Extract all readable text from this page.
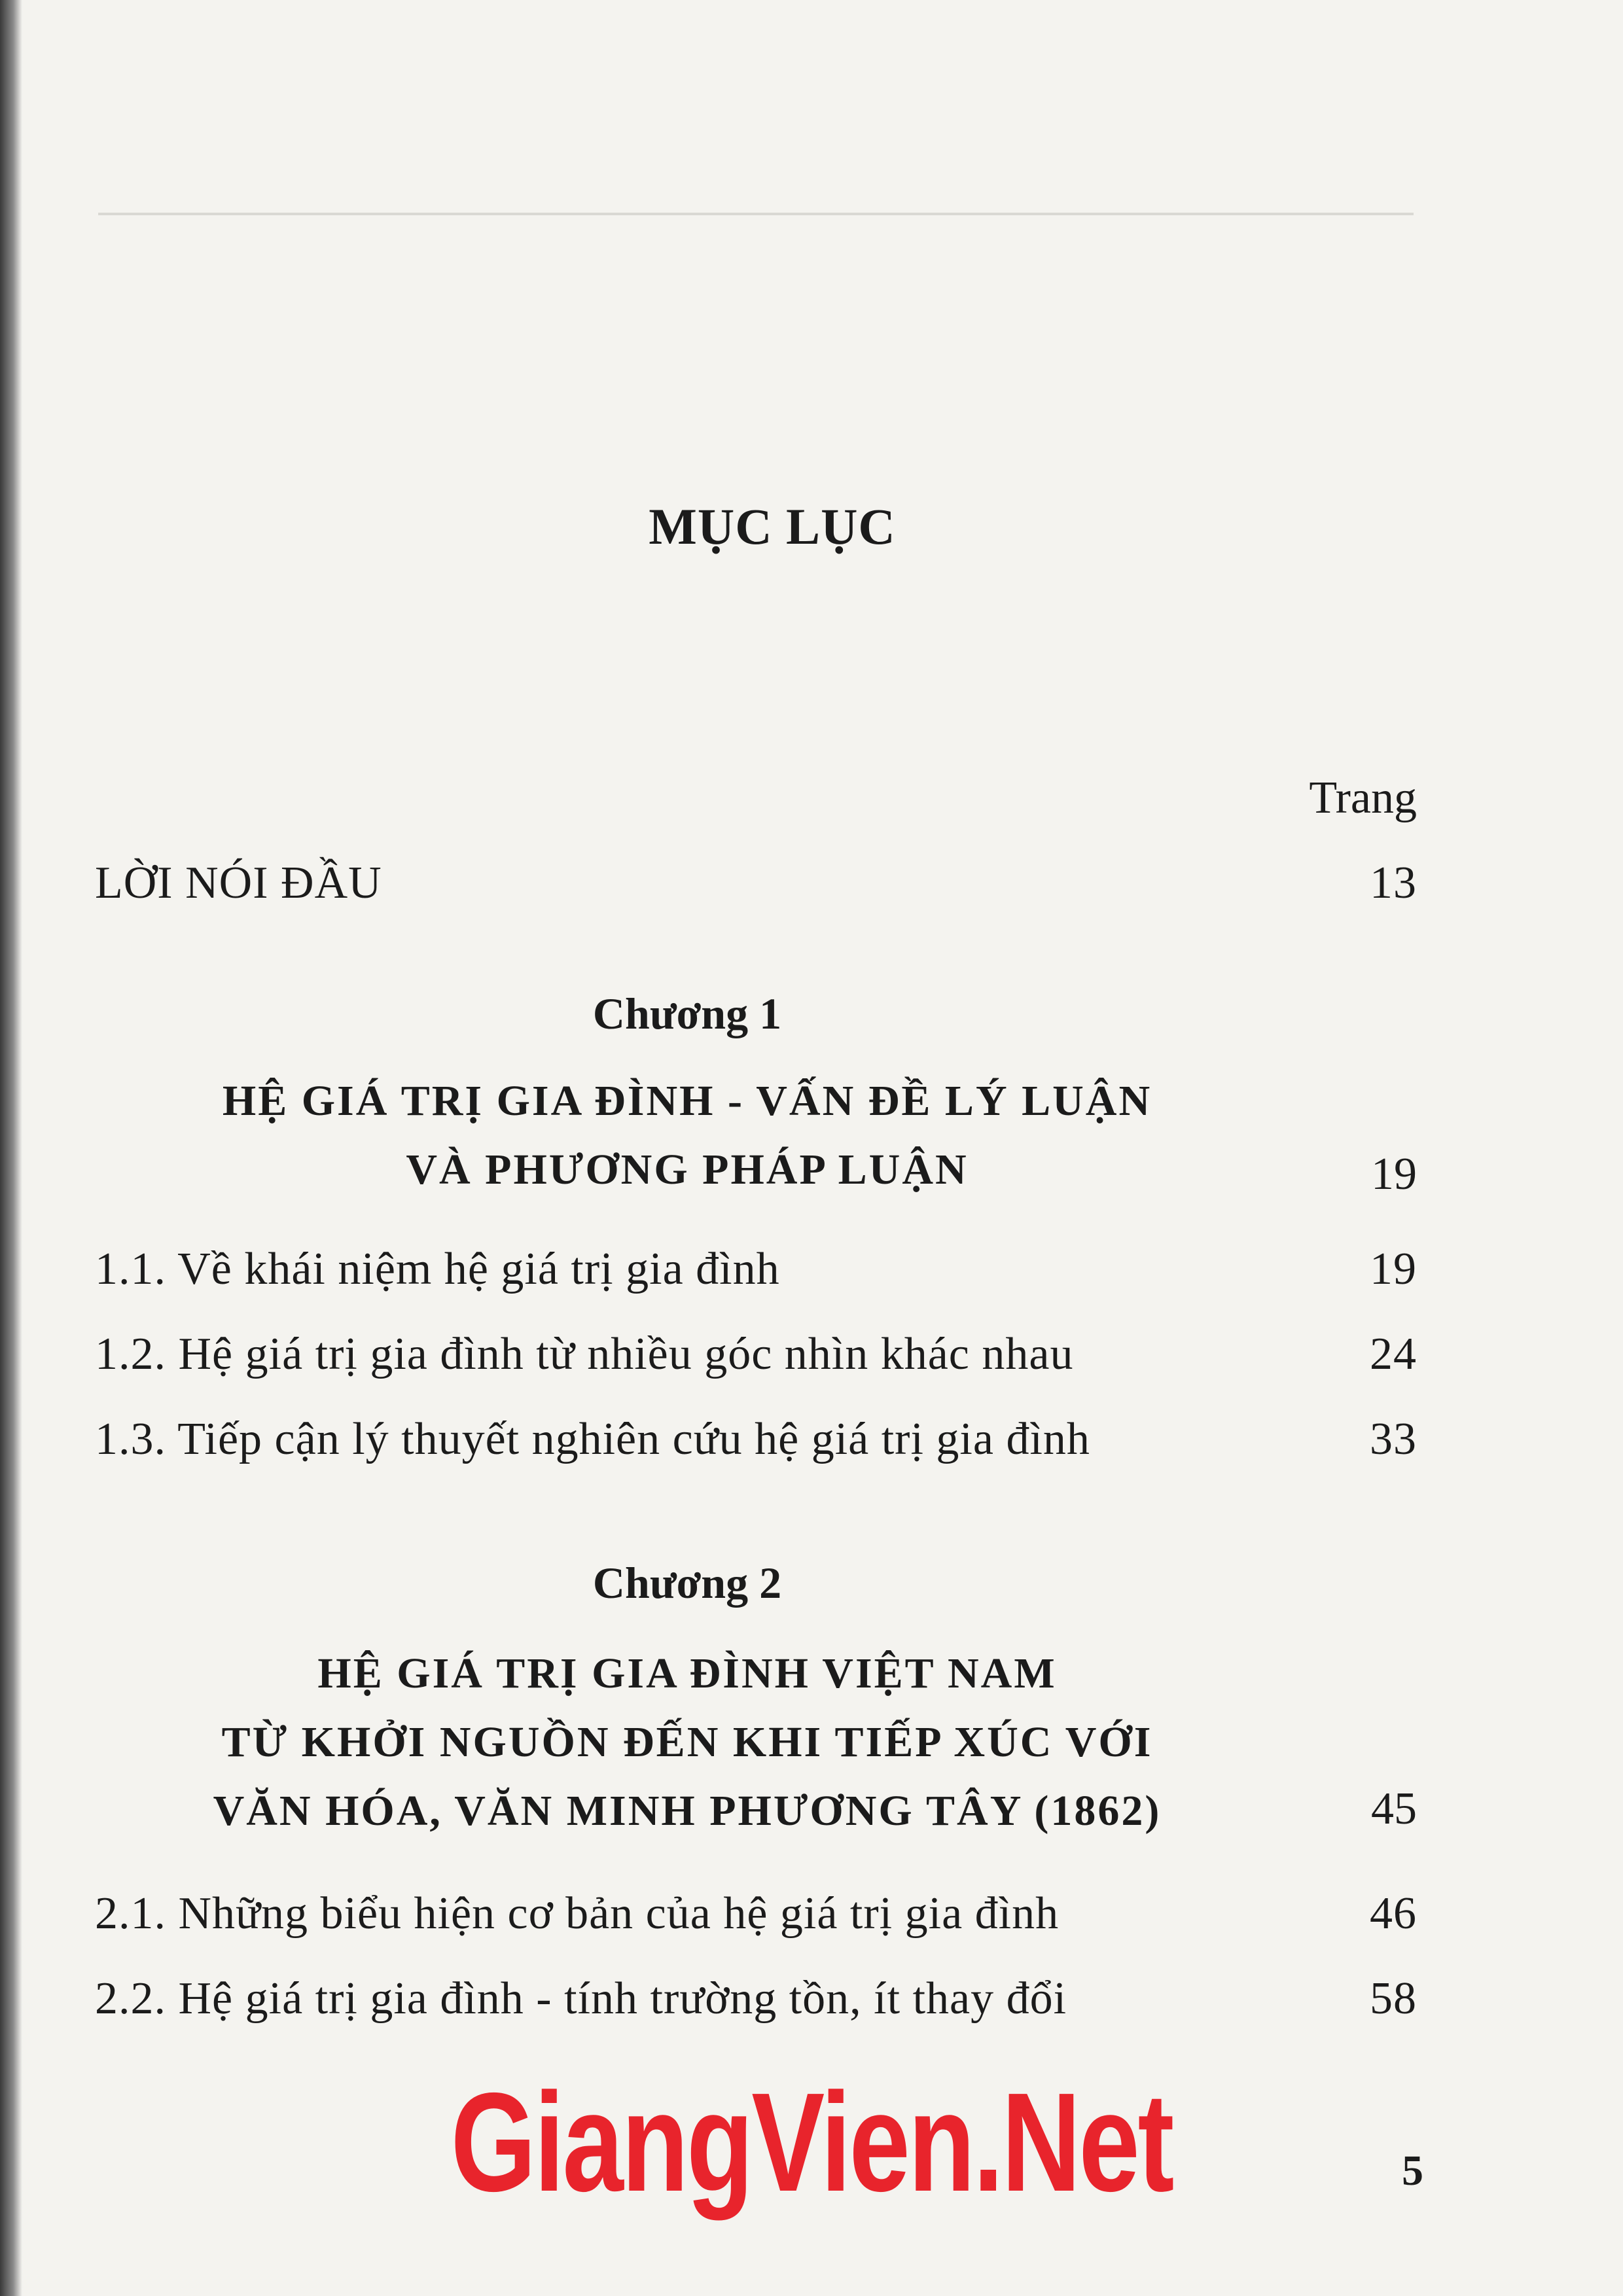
MỤC LỤC
Trang
LỜI NÓI ĐẦU	13
Chương 1
HỆ GIÁ TRỊ GIA ĐÌNH - VẤN ĐỀ LÝ LUẬN
VÀ PHƯƠNG PHÁP LUẬN	19
1.1. Về khái niệm hệ giá trị gia đình	19
1.2. Hệ giá trị gia đình từ nhiều góc nhìn khác nhau	24
1.3. Tiếp cận lý thuyết nghiên cứu hệ giá trị gia đình	33
Chương 2
HỆ GIÁ TRỊ GIA ĐÌNH VIỆT NAM
TỪ KHỞI NGUỒN ĐẾN KHI TIẾP XÚC VỚI
VĂN HÓA, VĂN MINH PHƯƠNG TÂY (1862)	45
2.1. Những biểu hiện cơ bản của hệ giá trị gia đình	46
2.2. Hệ giá trị gia đình - tính trường tồn, ít thay đổi	58
GiangVien.Net	5
